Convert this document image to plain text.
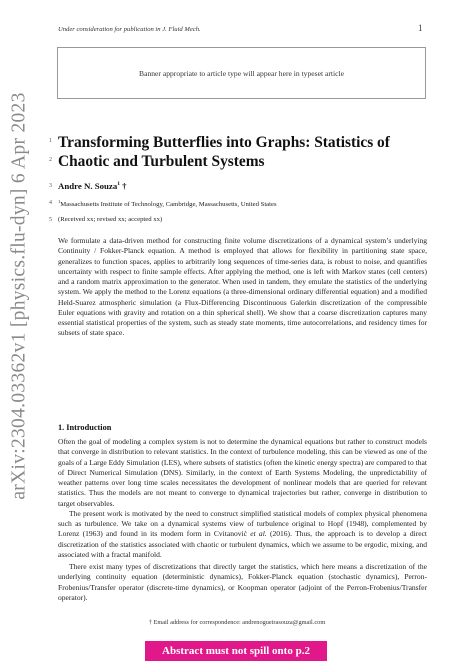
Under consideration for publication in J. Fluid Mech.	1
Banner appropriate to article type will appear here in typeset article
arXiv:2304.03362v1 [physics.flu-dyn] 6 Apr 2023	1
2
3
4
5
Transforming Butterflies into Graphs: Statistics of Chaotic and Turbulent Systems
Andre N. Souza$^1$ †
$^1$Massachusetts Institute of Technology, Cambridge, Massachusetts, United States
(Received xx; revised xx; accepted xx)

We formulate a data-driven method for constructing finite volume discretizations of a dynamical system’s underlying Continuity / Fokker-Planck equation. A method is employed that allows for flexibility in partitioning state space, generalizes to function spaces, applies to arbitrarily long sequences of time-series data, is robust to noise, and quantifies uncertainty with respect to finite sample effects. After applying the method, one is left with Markov states (cell centers) and a random matrix approximation to the generator. When used in tandem, they emulate the statistics of the underlying system. We apply the method to the Lorenz equations (a three-dimensional ordinary differential equation) and a modified Held-Suarez atmospheric simulation (a Flux-Differencing Discontinuous Galerkin discretization of the compressible Euler equations with gravity and rotation on a thin spherical shell). We show that a coarse discretization captures many essential statistical properties of the system, such as steady state moments, time autocorrelations, and residency times for subsets of state space.

1. Introduction

Often the goal of modeling a complex system is not to determine the dynamical equations but rather to construct models that converge in distribution to relevant statistics. In the context of turbulence modeling, this can be viewed as one of the goals of a Large Eddy Simulation (LES), where subsets of statistics (often the kinetic energy spectra) are compared to that of Direct Numerical Simulation (DNS). Similarly, in the context of Earth Systems Modeling, the unpredictability of weather patterns over long time scales necessitates the development of nonlinear models that are queried for relevant statistics. Thus the models are not meant to converge to dynamical trajectories but rather, converge in distribution to target observables.

The present work is motivated by the need to construct simplified statistical models of complex physical phenomena such as turbulence. We take on a dynamical systems view of turbulence original to Hopf (1948), complemented by Lorenz (1963) and found in its modern form in Cvitanović et al. (2016). Thus, the approach is to develop a direct discretization of the statistics associated with chaotic or turbulent dynamics, which we assume to be ergodic, mixing, and associated with a fractal manifold.

There exist many types of discretizations that directly target the statistics, which here means a discretization of the underlying continuity equation (deterministic dynamics), Fokker-Planck equation (stochastic dynamics), Perron-Frobenius/Transfer operator (discrete-time dynamics), or Koopman operator (adjoint of the Perron-Frobenius/Transfer operator).

† Email address for correspondence: andrenogueirasouza@gmail.com
Abstract must not spill onto p.2
